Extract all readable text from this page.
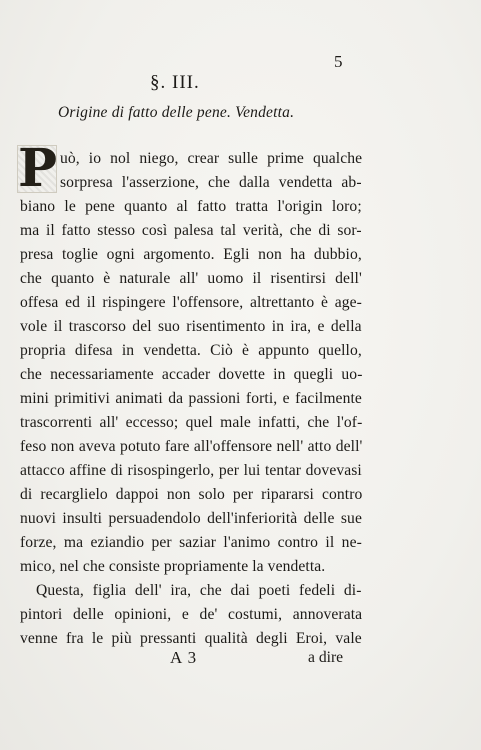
5
§. III.
Origine di fatto delle pene. Vendetta.
P uò, io nol niego, crear sulle prime qualche
sorpresa l'asserzione, che dalla vendetta ab-
biano le pene quanto al fatto tratta l'origin loro;
ma il fatto stesso così palesa tal verità, che di sor-
presa toglie ogni argomento. Egli non ha dubbio,
che quanto è naturale all' uomo il risentirsi dell'
offesa ed il rispingere l'offensore, altrettanto è age-
vole il trascorso del suo risentimento in ira, e della
propria difesa in vendetta. Ciò è appunto quello,
che necessariamente accader dovette in quegli uo-
mini primitivi animati da passioni forti, e facilmente
trascorrenti all' eccesso; quel male infatti, che l'of-
feso non aveva potuto fare all'offensore nell' atto dell'
attacco affine di risospingerlo, per lui tentar dovevasi
di recarglielo dappoi non solo per ripararsi contro
nuovi insulti persuadendolo dell'inferiorità delle sue
forze, ma eziandio per saziar l'animo contro il ne-
mico, nel che consiste propriamente la vendetta.
Questa, figlia dell' ira, che dai poeti fedeli di-
pintori delle opinioni, e de' costumi, annoverata
venne fra le più pressanti qualità degli Eroi, vale
A 3	a dire
